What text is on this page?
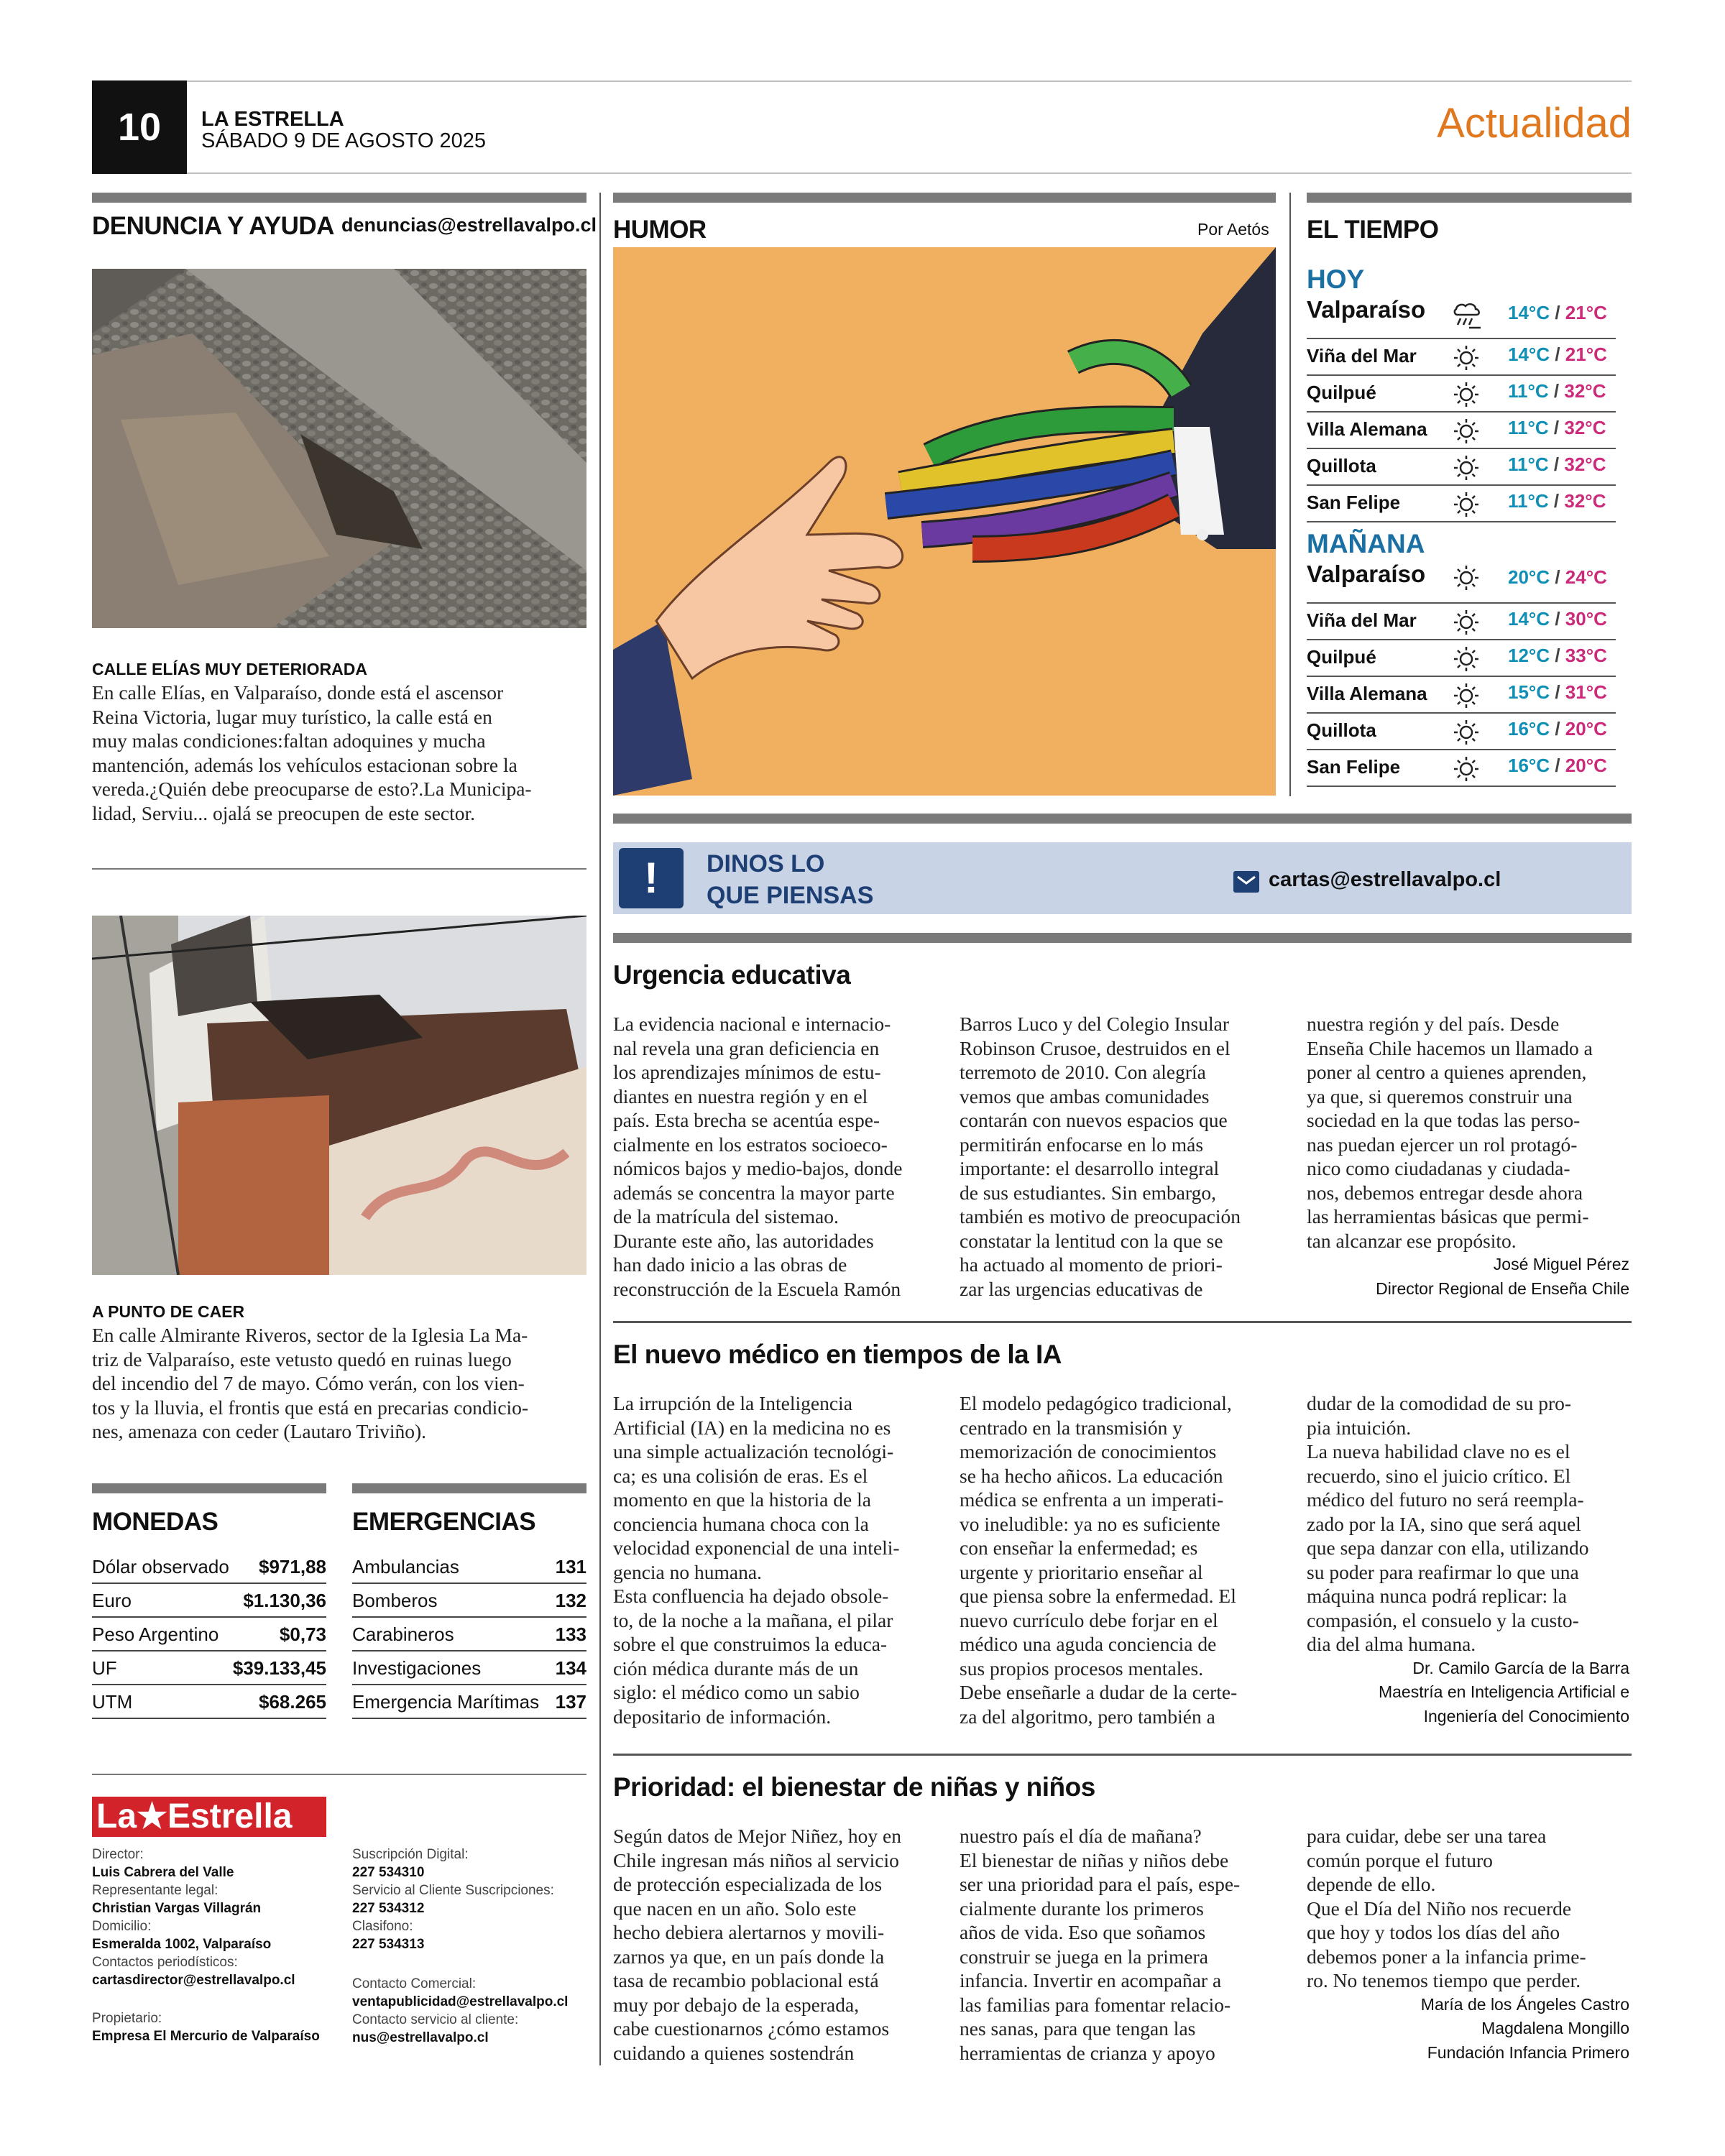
10	LA ESTRELLA
SÁBADO 9 DE AGOSTO 2025	Actualidad
DENUNCIA Y AYUDA denuncias@estrellavalpo.cl
CALLE ELÍAS MUY DETERIORADA
En calle Elías, en Valparaíso, donde está el ascensor
Reina Victoria, lugar muy turístico, la calle está en
muy malas condiciones:faltan adoquines y mucha
mantención, además los vehículos estacionan sobre la
vereda.¿Quién debe preocuparse de esto?.La Municipa-
lidad, Serviu... ojalá se preocupen de este sector.
A PUNTO DE CAER
En calle Almirante Riveros, sector de la Iglesia La Ma-
triz de Valparaíso, este vetusto quedó en ruinas luego
del incendio del 7 de mayo. Cómo verán, con los vien-
tos y la lluvia, el frontis que está en precarias condicio-
nes, amenaza con ceder (Lautaro Triviño).
MONEDAS	EMERGENCIAS
Dólar observado $971,88
Euro	$1.130,36
Peso Argentino	$0,73
UF	$39.133,45
UTM	$68.265
Ambulancias	131
Bomberos	132
Carabineros	133
Investigaciones	134
Emergencia Marítimas 137
La★Estrella
Director:
Luis Cabrera del Valle
Representante legal:
Christian Vargas Villagrán
Domicilio:
Esmeralda 1002, Valparaíso
Contactos periodísticos:
cartasdirector@estrellavalpo.cl
Propietario:
Empresa El Mercurio de Valparaíso
Suscripción Digital:
227 534310
Servicio al Cliente Suscripciones:
227 534312
Clasifono:
227 534313
Contacto Comercial:
ventapublicidad@estrellavalpo.cl
Contacto servicio al cliente:
nus@estrellavalpo.cl
HUMOR	Por Aetós EL TIEMPO
HOY
Valparaíso	14°C / 21°C
Viña del Mar	14°C / 21°C
Quilpué	11°C / 32°C
Villa Alemana	11°C / 32°C
Quillota	11°C / 32°C
San Felipe	11°C / 32°C
MAÑANA
Valparaíso	20°C / 24°C
Viña del Mar	14°C / 30°C
Quilpué	12°C / 33°C
Villa Alemana	15°C / 31°C
Quillota	16°C / 20°C
San Felipe	16°C / 20°C
!	DINOS LO
QUE PIENSAS
cartas@estrellavalpo.cl
Urgencia educativa
La evidencia nacional e internacio-
nal revela una gran deficiencia en
los aprendizajes mínimos de estu-
diantes en nuestra región y en el
país. Esta brecha se acentúa espe-
cialmente en los estratos socioeco-
nómicos bajos y medio-bajos, donde
además se concentra la mayor parte
de la matrícula del sistemao.
Durante este año, las autoridades
han dado inicio a las obras de
reconstrucción de la Escuela Ramón
Barros Luco y del Colegio Insular
Robinson Crusoe, destruidos en el
terremoto de 2010. Con alegría
vemos que ambas comunidades
contarán con nuevos espacios que
permitirán enfocarse en lo más
importante: el desarrollo integral
de sus estudiantes. Sin embargo,
también es motivo de preocupación
constatar la lentitud con la que se
ha actuado al momento de priori-
zar las urgencias educativas de
nuestra región y del país. Desde
Enseña Chile hacemos un llamado a
poner al centro a quienes aprenden,
ya que, si queremos construir una
sociedad en la que todas las perso-
nas puedan ejercer un rol protagó-
nico como ciudadanas y ciudada-
nos, debemos entregar desde ahora
las herramientas básicas que permi-
tan alcanzar ese propósito.
José Miguel Pérez
Director Regional de Enseña Chile
El nuevo médico en tiempos de la IA
La irrupción de la Inteligencia
Artificial (IA) en la medicina no es
una simple actualización tecnológi-
ca; es una colisión de eras. Es el
momento en que la historia de la
conciencia humana choca con la
velocidad exponencial de una inteli-
gencia no humana.
Esta confluencia ha dejado obsole-
to, de la noche a la mañana, el pilar
sobre el que construimos la educa-
ción médica durante más de un
siglo: el médico como un sabio
depositario de información.
El modelo pedagógico tradicional,
centrado en la transmisión y
memorización de conocimientos
se ha hecho añicos. La educación
médica se enfrenta a un imperati-
vo ineludible: ya no es suficiente
con enseñar la enfermedad; es
urgente y prioritario enseñar al
que piensa sobre la enfermedad. El
nuevo currículo debe forjar en el
médico una aguda conciencia de
sus propios procesos mentales.
Debe enseñarle a dudar de la certe-
za del algoritmo, pero también a
dudar de la comodidad de su pro-
pia intuición.
La nueva habilidad clave no es el
recuerdo, sino el juicio crítico. El
médico del futuro no será reempla-
zado por la IA, sino que será aquel
que sepa danzar con ella, utilizando
su poder para reafirmar lo que una
máquina nunca podrá replicar: la
compasión, el consuelo y la custo-
dia del alma humana.
Dr. Camilo García de la Barra
Maestría en Inteligencia Artificial e
Ingeniería del Conocimiento
Prioridad: el bienestar de niñas y niños
Según datos de Mejor Niñez, hoy en
Chile ingresan más niños al servicio
de protección especializada de los
que nacen en un año. Solo este
hecho debiera alertarnos y movili-
zarnos ya que, en un país donde la
tasa de recambio poblacional está
muy por debajo de la esperada,
cabe cuestionarnos ¿cómo estamos
cuidando a quienes sostendrán
nuestro país el día de mañana?
El bienestar de niñas y niños debe
ser una prioridad para el país, espe-
cialmente durante los primeros
años de vida. Eso que soñamos
construir se juega en la primera
infancia. Invertir en acompañar a
las familias para fomentar relacio-
nes sanas, para que tengan las
herramientas de crianza y apoyo
para cuidar, debe ser una tarea
común porque el futuro
depende de ello.
Que el Día del Niño nos recuerde
que hoy y todos los días del año
debemos poner a la infancia prime-
ro. No tenemos tiempo que perder.
María de los Ángeles Castro
Magdalena Mongillo
Fundación Infancia Primero
